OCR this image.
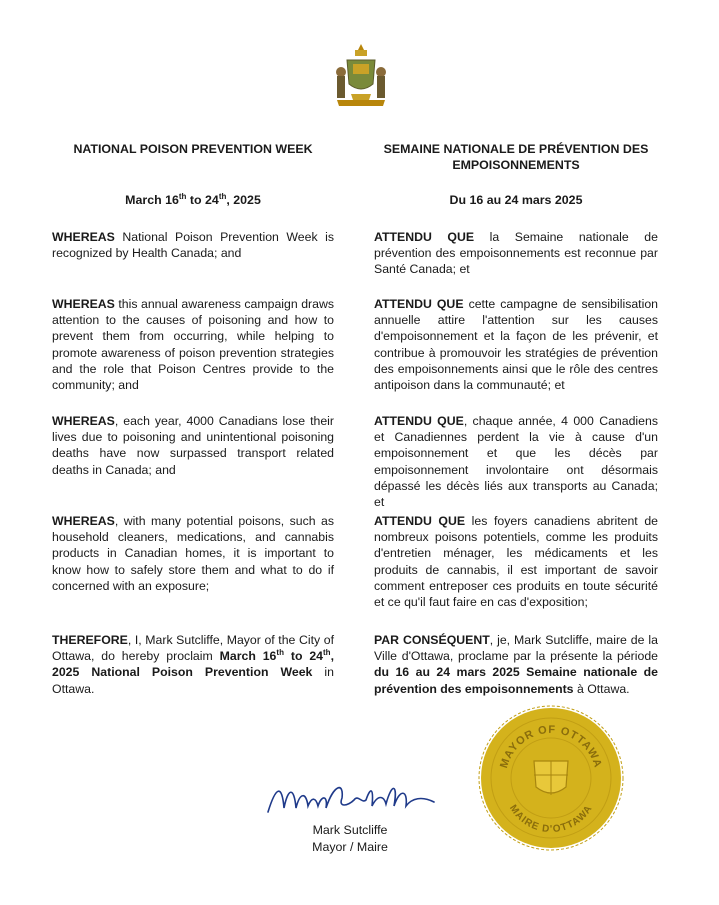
NATIONAL POISON PREVENTION WEEK	SEMAINE NATIONALE DE PRÉVENTION DES EMPOISONNEMENTS
March 16th to 24th, 2025	Du 16 au 24 mars 2025

WHEREAS National Poison Prevention Week is recognized by Health Canada; and

WHEREAS this annual awareness campaign draws attention to the causes of poisoning and how to prevent them from occurring, while helping to promote awareness of poison prevention strategies and the role that Poison Centres provide to the community; and

WHEREAS, each year, 4000 Canadians lose their lives due to poisoning and unintentional poisoning deaths have now surpassed transport related deaths in Canada; and

WHEREAS, with many potential poisons, such as household cleaners, medications, and cannabis products in Canadian homes, it is important to know how to safely store them and what to do if concerned with an exposure;

THEREFORE, I, Mark Sutcliffe, Mayor of the City of Ottawa, do hereby proclaim March 16th to 24th, 2025 National Poison Prevention Week in Ottawa.

ATTENDU QUE la Semaine nationale de prévention des empoisonnements est reconnue par Santé Canada; et

ATTENDU QUE cette campagne de sensibilisation annuelle attire l'attention sur les causes d'empoisonnement et la façon de les prévenir, et contribue à promouvoir les stratégies de prévention des empoisonnements ainsi que le rôle des centres antipoison dans la communauté; et

ATTENDU QUE, chaque année, 4 000 Canadiens et Canadiennes perdent la vie à cause d'un empoisonnement et que les décès par empoisonnement involontaire ont désormais dépassé les décès liés aux transports au Canada; et

ATTENDU QUE les foyers canadiens abritent de nombreux poisons potentiels, comme les produits d'entretien ménager, les médicaments et les produits de cannabis, il est important de savoir comment entreposer ces produits en toute sécurité et ce qu'il faut faire en cas d'exposition;

PAR CONSÉQUENT, je, Mark Sutcliffe, maire de la Ville d'Ottawa, proclame par la présente la période du 16 au 24 mars 2025 Semaine nationale de prévention des empoisonnements à Ottawa.

Mark Sutcliffe
Mayor / Maire
MAYOR OF OTTAWA
MAIRE D'OTTAWA
